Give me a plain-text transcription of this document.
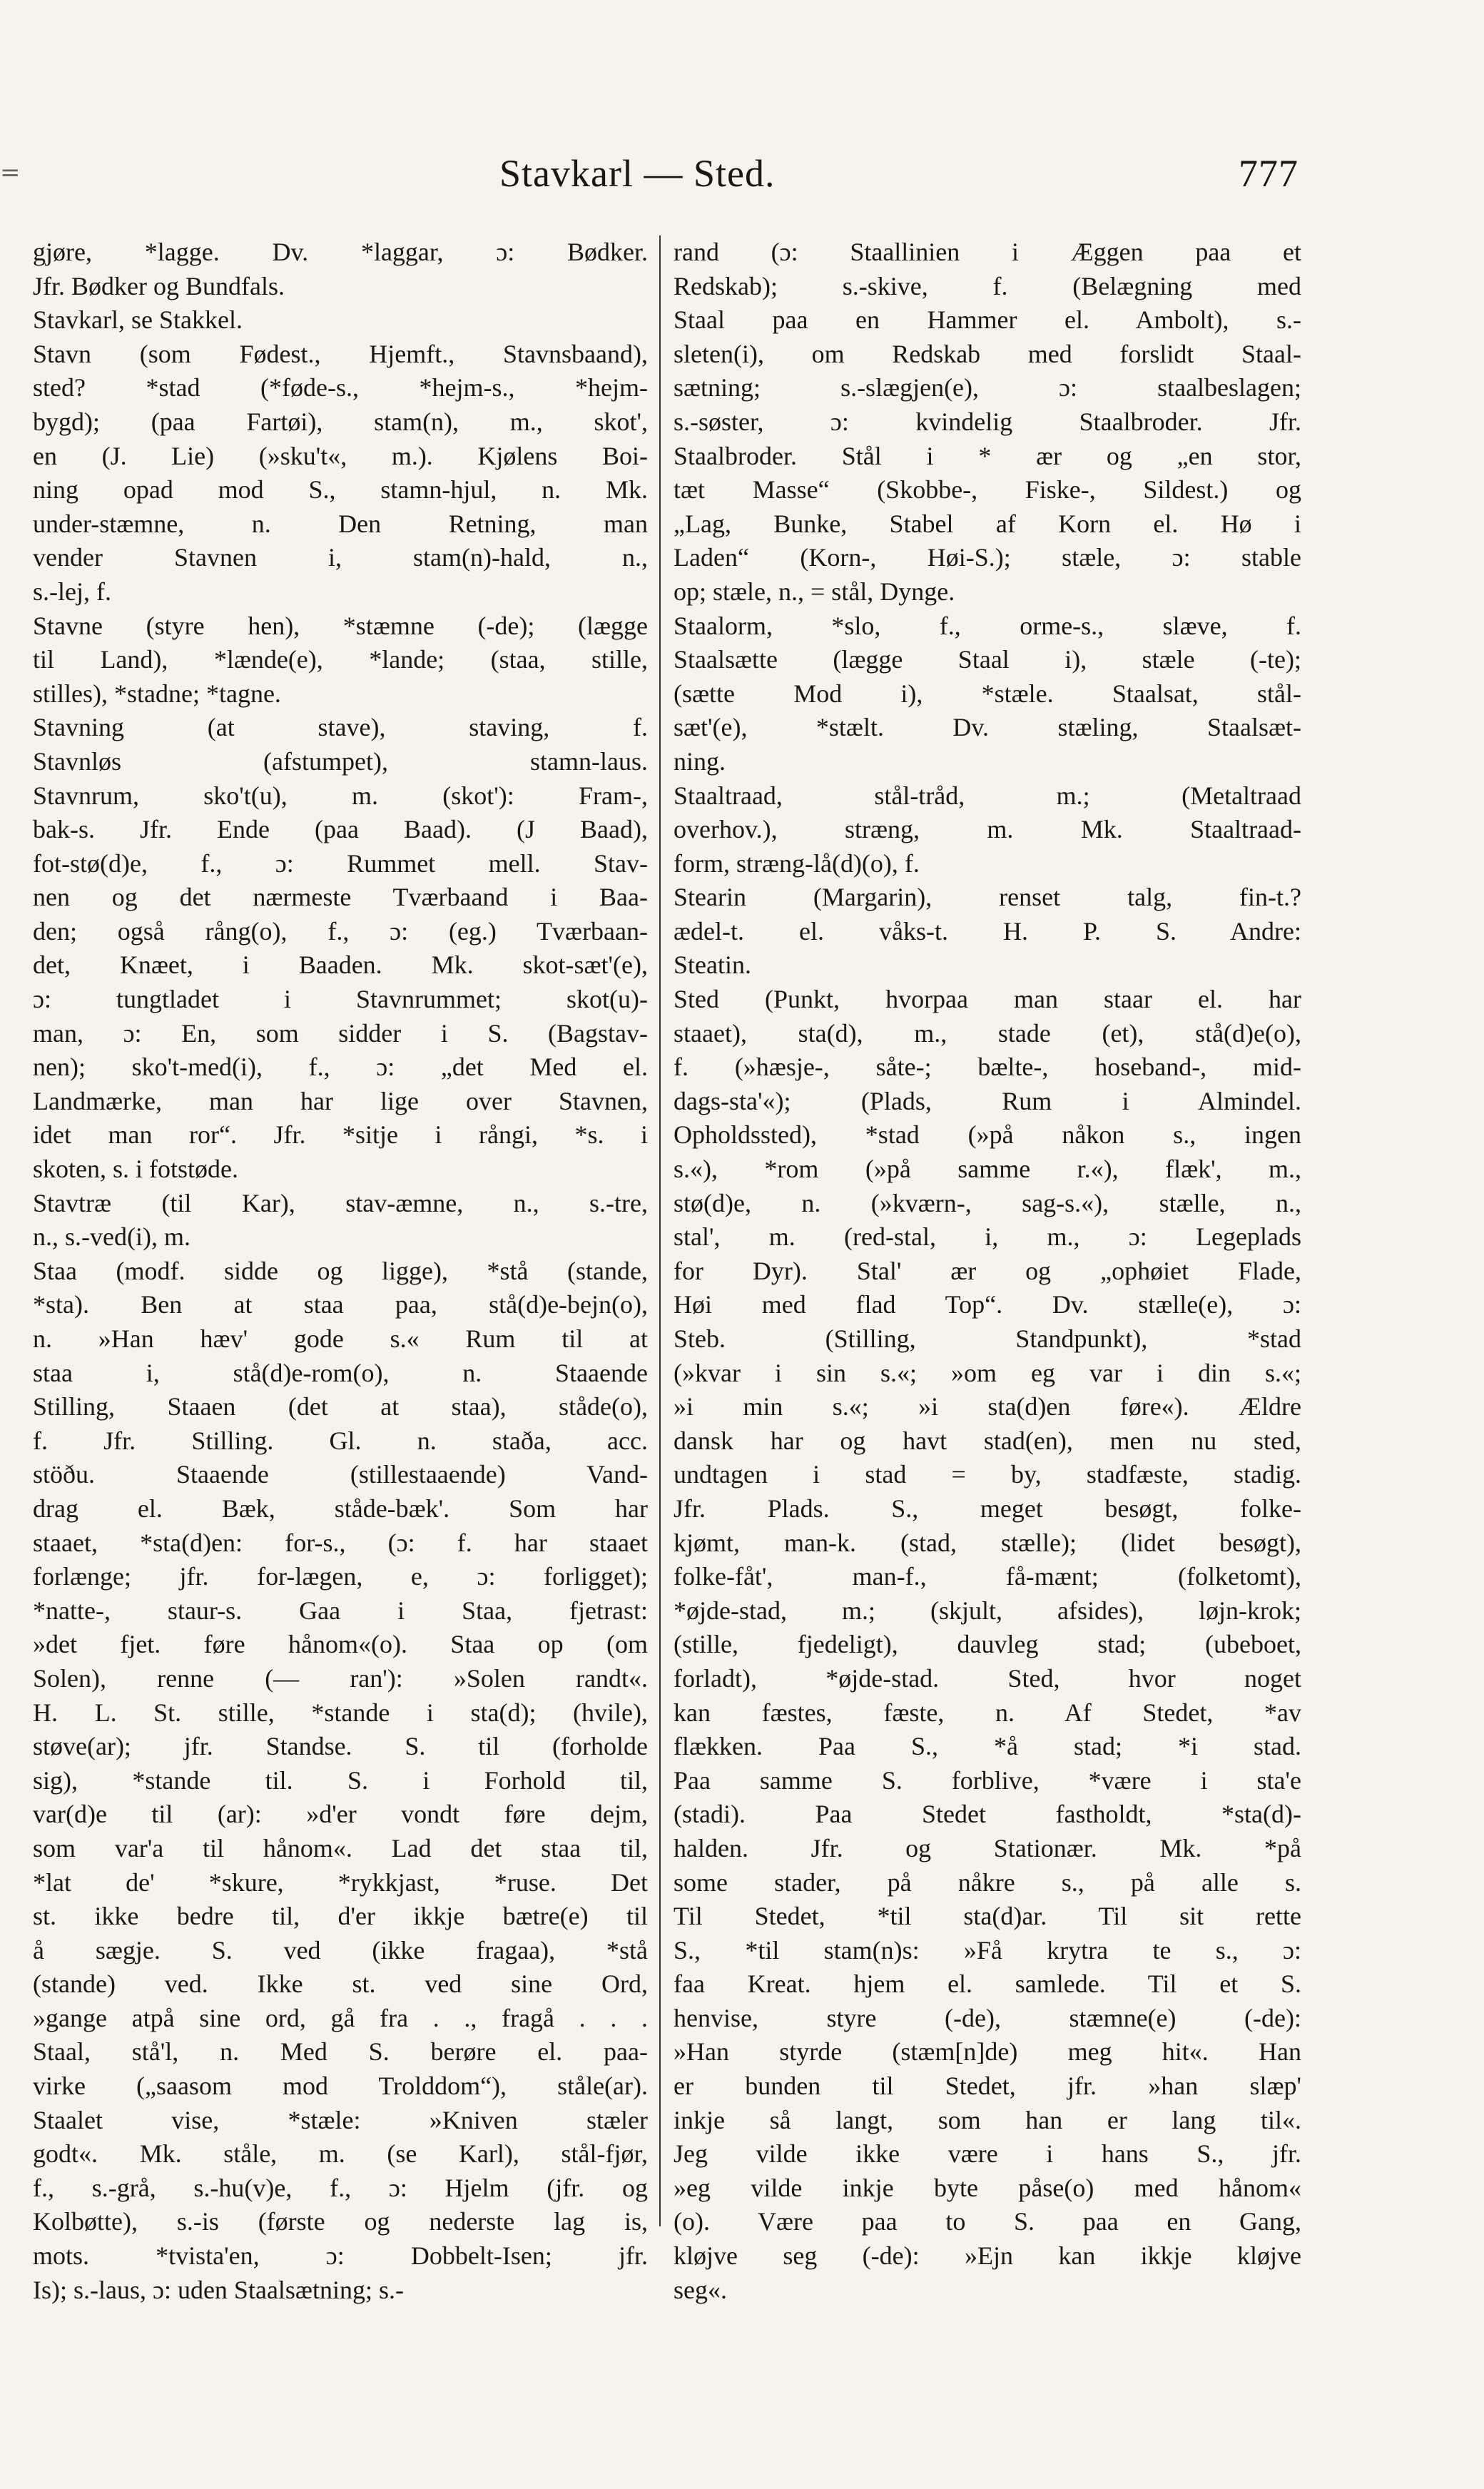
=	Stavkarl — Sted.	777
gjøre, *lagge. Dv. *laggar, ɔ: Bødker.
Jfr. Bødker og Bundfals.
Stavkarl, se Stakkel.
Stavn (som Fødest., Hjemft., Stavnsbaand),
sted? *stad (*føde-s., *hejm-s., *hejm-
bygd); (paa Fartøi), stam(n), m., skot',
en (J. Lie) (»sku't«, m.). Kjølens Boi-
ning opad mod S., stamn-hjul, n. Mk.
under-stæmne, n. Den Retning, man
vender Stavnen i, stam(n)-hald, n.,
s.-lej, f.
Stavne (styre hen), *stæmne (-de); (lægge
til Land), *lænde(e), *lande; (staa, stille,
stilles), *stadne; *tagne.
Stavning (at stave), staving, f.
Stavnløs (afstumpet), stamn-laus.
Stavnrum, sko't(u), m. (skot'): Fram-,
bak-s. Jfr. Ende (paa Baad). (J Baad),
fot-stø(d)e, f., ɔ: Rummet mell. Stav-
nen og det nærmeste Tværbaand i Baa-
den; også rång(o), f., ɔ: (eg.) Tværbaan-
det, Knæet, i Baaden. Mk. skot-sæt'(e),
ɔ: tungtladet i Stavnrummet; skot(u)-
man, ɔ: En, som sidder i S. (Bagstav-
nen); sko't-med(i), f., ɔ: „det Med el.
Landmærke, man har lige over Stavnen,
idet man ror“. Jfr. *sitje i rångi, *s. i
skoten, s. i fotstøde.
Stavtræ (til Kar), stav-æmne, n., s.-tre,
n., s.-ved(i), m.
Staa (modf. sidde og ligge), *stå (stande,
*sta). Ben at staa paa, stå(d)e-bejn(o),
n. »Han hæv' gode s.« Rum til at
staa i, stå(d)e-rom(o), n. Staaende
Stilling, Staaen (det at staa), ståde(o),
f. Jfr. Stilling. Gl. n. staða, acc.
stöðu. Staaende (stillestaaende) Vand-
drag el. Bæk, ståde-bæk'. Som har
staaet, *sta(d)en: for-s., (ɔ: f. har staaet
forlænge; jfr. for-lægen, e, ɔ: forligget);
*natte-, staur-s. Gaa i Staa, fjetrast:
»det fjet. føre hånom«(o). Staa op (om
Solen), renne (— ran'): »Solen randt«.
H. L. St. stille, *stande i sta(d); (hvile),
støve(ar); jfr. Standse. S. til (forholde
sig), *stande til. S. i Forhold til,
var(d)e til (ar): »d'er vondt føre dejm,
som var'a til hånom«. Lad det staa til,
*lat de' *skure, *rykkjast, *ruse. Det
st. ikke bedre til, d'er ikkje bætre(e) til
å sægje. S. ved (ikke fragaa), *stå
(stande) ved. Ikke st. ved sine Ord,
»gange atpå sine ord, gå fra . ., fragå . . .
Staal, stå'l, n. Med S. berøre el. paa-
virke („saasom mod Trolddom“), ståle(ar).
Staalet vise, *stæle: »Kniven stæler
godt«. Mk. ståle, m. (se Karl), stål-fjør,
f., s.-grå, s.-hu(v)e, f., ɔ: Hjelm (jfr. og
Kolbøtte), s.-is (første og nederste lag is,
mots. *tvista'en, ɔ: Dobbelt-Isen; jfr.
Is); s.-laus, ɔ: uden Staalsætning; s.-
rand (ɔ: Staallinien i Æggen paa et
Redskab); s.-skive, f. (Belægning med
Staal paa en Hammer el. Ambolt), s.-
sleten(i), om Redskab med forslidt Staal-
sætning; s.-slægjen(e), ɔ: staalbeslagen;
s.-søster, ɔ: kvindelig Staalbroder. Jfr.
Staalbroder. Stål i * ær og „en stor,
tæt Masse“ (Skobbe-, Fiske-, Sildest.) og
„Lag, Bunke, Stabel af Korn el. Hø i
Laden“ (Korn-, Høi-S.); stæle, ɔ: stable
op; stæle, n., = stål, Dynge.
Staalorm, *slo, f., orme-s., slæve, f.
Staalsætte (lægge Staal i), stæle (-te);
(sætte Mod i), *stæle. Staalsat, stål-
sæt'(e), *stælt. Dv. stæling, Staalsæt-
ning.
Staaltraad, stål-tråd, m.; (Metaltraad
overhov.), stræng, m. Mk. Staaltraad-
form, stræng-lå(d)(o), f.
Stearin (Margarin), renset talg, fin-t.?
ædel-t. el. våks-t. H. P. S. Andre:
Steatin.
Sted (Punkt, hvorpaa man staar el. har
staaet), sta(d), m., stade (et), stå(d)e(o),
f. (»hæsje-, såte-; bælte-, hoseband-, mid-
dags-sta'«); (Plads, Rum i Almindel.
Opholdssted), *stad (»på nåkon s., ingen
s.«), *rom (»på samme r.«), flæk', m.,
stø(d)e, n. (»kværn-, sag-s.«), stælle, n.,
stal', m. (red-stal, i, m., ɔ: Legeplads
for Dyr). Stal' ær og „ophøiet Flade,
Høi med flad Top“. Dv. stælle(e), ɔ:
Steb. (Stilling, Standpunkt), *stad
(»kvar i sin s.«; »om eg var i din s.«;
»i min s.«; »i sta(d)en føre«). Ældre
dansk har og havt stad(en), men nu sted,
undtagen i stad = by, stadfæste, stadig.
Jfr. Plads. S., meget besøgt, folke-
kjømt, man-k. (stad, stælle); (lidet besøgt),
folke-fåt', man-f., få-mænt; (folketomt),
*øjde-stad, m.; (skjult, afsides), løjn-krok;
(stille, fjedeligt), dauvleg stad; (ubeboet,
forladt), *øjde-stad. Sted, hvor noget
kan fæstes, fæste, n. Af Stedet, *av
flækken. Paa S., *å stad; *i stad.
Paa samme S. forblive, *være i sta'e
(stadi). Paa Stedet fastholdt, *sta(d)-
halden. Jfr. og Stationær. Mk. *på
some stader, på nåkre s., på alle s.
Til Stedet, *til sta(d)ar. Til sit rette
S., *til stam(n)s: »Få krytra te s., ɔ:
faa Kreat. hjem el. samlede. Til et S.
henvise, styre (-de), stæmne(e) (-de):
»Han styrde (stæm[n]de) meg hit«. Han
er bunden til Stedet, jfr. »han slæp'
inkje så langt, som han er lang til«.
Jeg vilde ikke være i hans S., jfr.
»eg vilde inkje byte påse(o) med hånom«
(o). Være paa to S. paa en Gang,
kløjve seg (-de): »Ejn kan ikkje kløjve
seg«.
